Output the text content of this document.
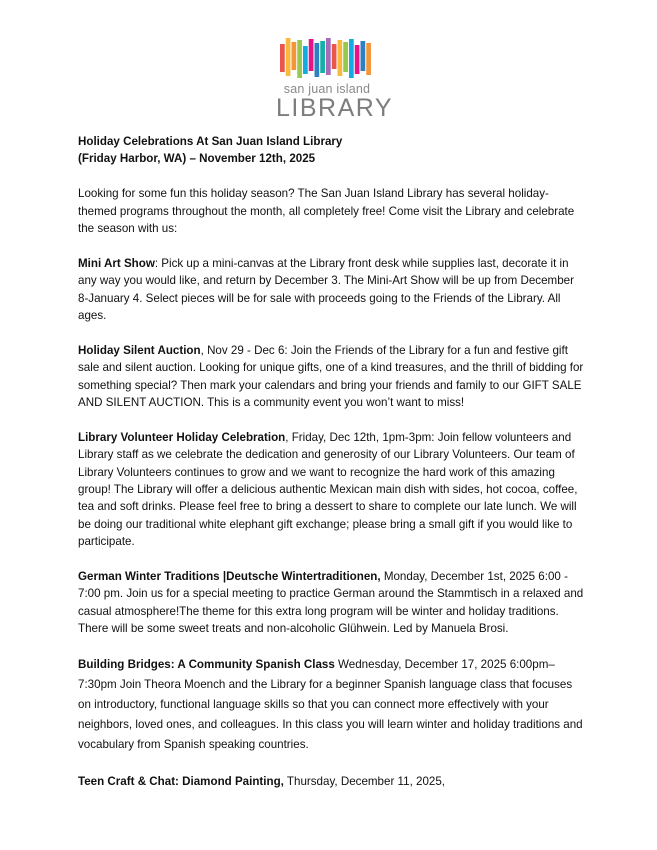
san juan island
LIBRARY

Holiday Celebrations At San Juan Island Library

(Friday Harbor, WA) – November 12th, 2025

Looking for some fun this holiday season? The San Juan Island Library has several holiday-themed programs throughout the month, all completely free! Come visit the Library and celebrate the season with us:

Mini Art Show: Pick up a mini-canvas at the Library front desk while supplies last, decorate it in any way you would like, and return by December 3. The Mini-Art Show will be up from December 8-January 4. Select pieces will be for sale with proceeds going to the Friends of the Library. All ages.

Holiday Silent Auction, Nov 29 - Dec 6: Join the Friends of the Library for a fun and festive gift sale and silent auction. Looking for unique gifts, one of a kind treasures, and the thrill of bidding for something special? Then mark your calendars and bring your friends and family to our GIFT SALE AND SILENT AUCTION. This is a community event you won’t want to miss!

Library Volunteer Holiday Celebration, Friday, Dec 12th, 1pm-3pm: Join fellow volunteers and Library staff as we celebrate the dedication and generosity of our Library Volunteers. Our team of Library Volunteers continues to grow and we want to recognize the hard work of this amazing group! The Library will offer a delicious authentic Mexican main dish with sides, hot cocoa, coffee, tea and soft drinks. Please feel free to bring a dessert to share to complete our late lunch. We will be doing our traditional white elephant gift exchange; please bring a small gift if you would like to participate.

German Winter Traditions |Deutsche Wintertraditionen, Monday, December 1st, 2025 6:00 - 7:00 pm. Join us for a special meeting to practice German around the Stammtisch in a relaxed and casual atmosphere!The theme for this extra long program will be winter and holiday traditions. There will be some sweet treats and non-alcoholic Glühwein. Led by Manuela Brosi.

Building Bridges: A Community Spanish Class Wednesday, December 17, 2025 6:00pm–7:30pm Join Theora Moench and the Library for a beginner Spanish language class that focuses on introductory, functional language skills so that you can connect more effectively with your neighbors, loved ones, and colleagues. In this class you will learn winter and holiday traditions and vocabulary from Spanish speaking countries.

Teen Craft & Chat: Diamond Painting, Thursday, December 11, 2025,
